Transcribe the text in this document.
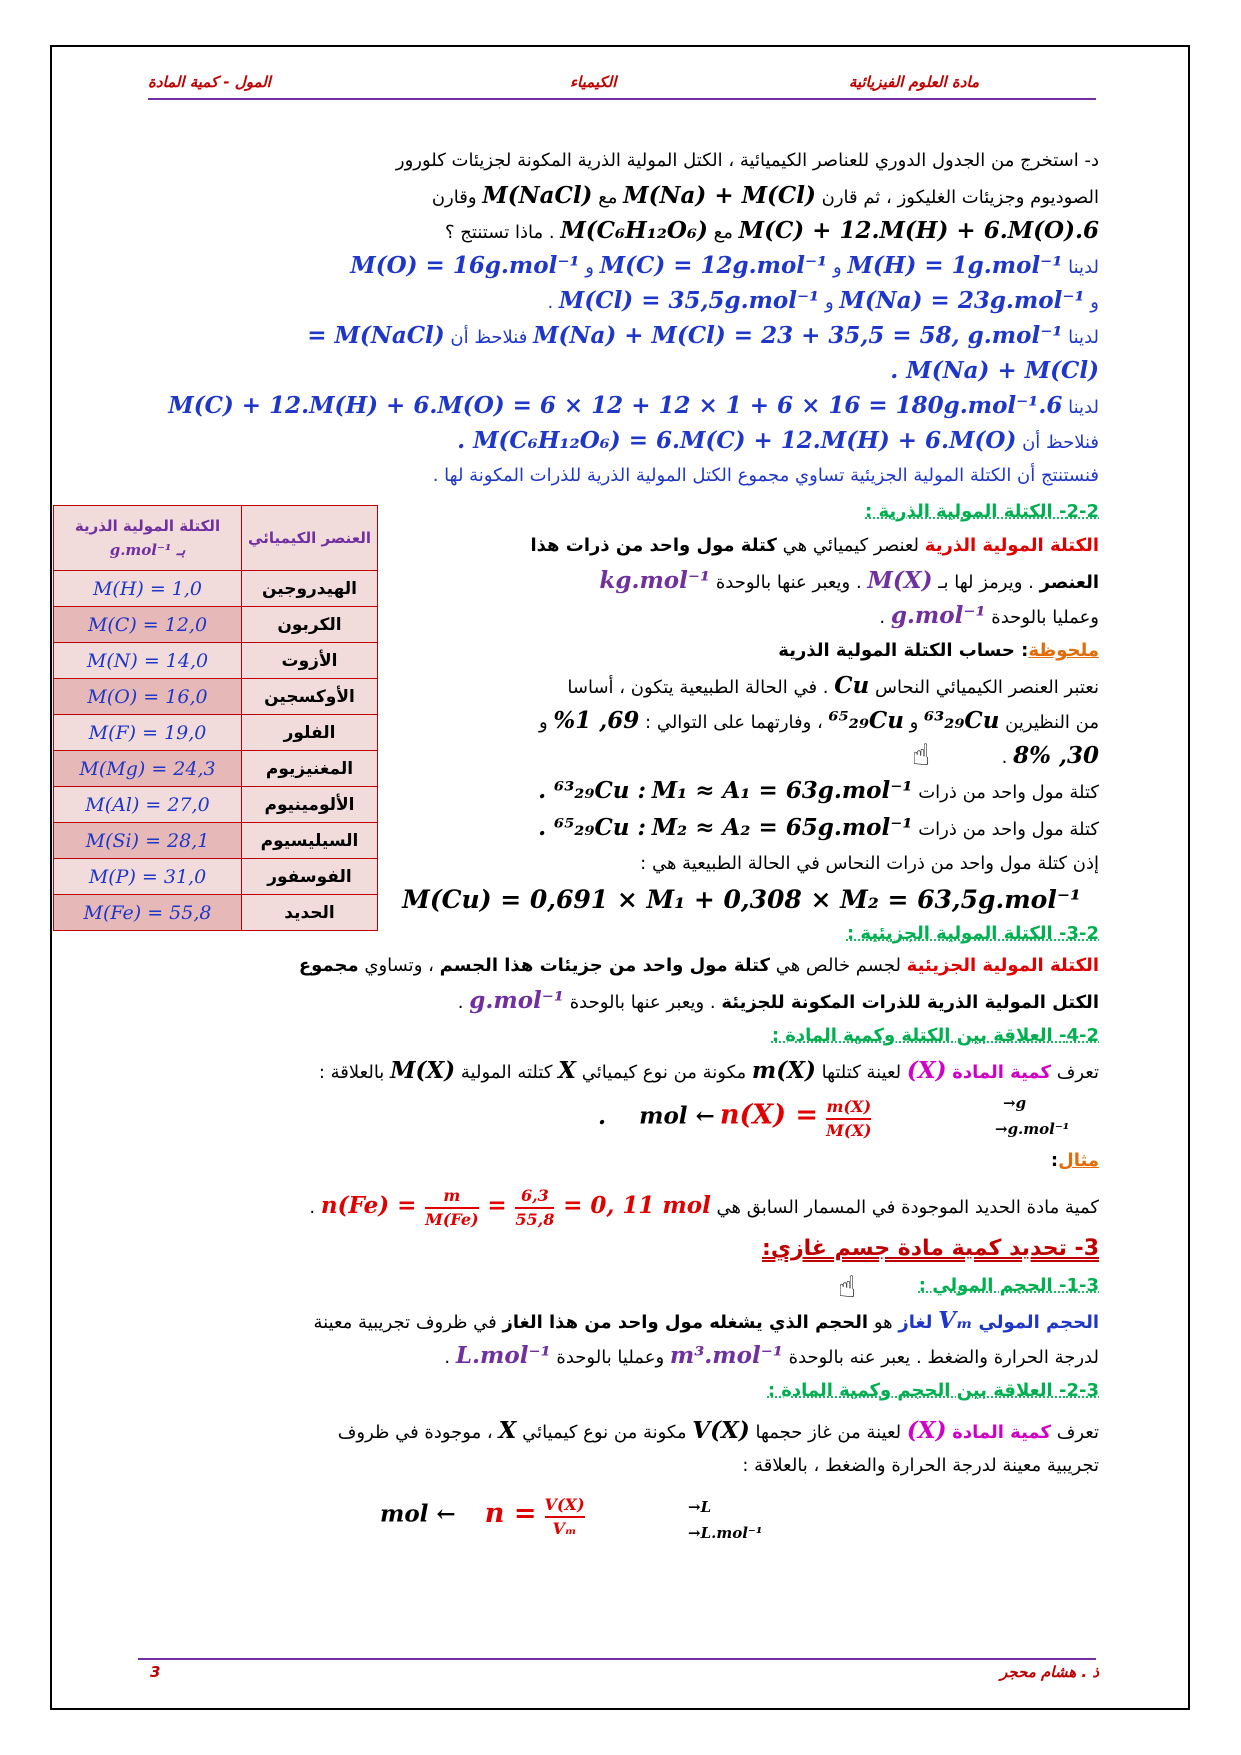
مادة العلوم الفيزيائية
الكيمياء
المول - كمية المادة
د- استخرج من الجدول الدوري للعناصر الكيميائية ، الكتل المولية الذرية المكونة لجزيئات كلورور
الصوديوم وجزيئات الغليكوز ، ثم قارن M(Na) + M(Cl) مع M(NaCl) وقارن
6.M(C) + 12.M(H) + 6.M(O) مع M(C₆H₁₂O₆) . ماذا تستنتج ؟
لدينا M(H) = 1g.mol⁻¹ و M(C) = 12g.mol⁻¹ و M(O) = 16g.mol⁻¹
و M(Na) = 23g.mol⁻¹ و M(Cl) = 35,5g.mol⁻¹ .
لدينا M(Na) + M(Cl) = 23 + 35,5 = 58, g.mol⁻¹ فنلاحظ أن M(NaCl) =
M(Na) + M(Cl) .
لدينا 6.M(C) + 12.M(H) + 6.M(O) = 6 × 12 + 12 × 1 + 6 × 16 = 180g.mol⁻¹
فنلاحظ أن M(C₆H₁₂O₆) = 6.M(C) + 12.M(H) + 6.M(O) .
فنستنتج أن الكتلة المولية الجزيئية تساوي مجموع الكتل المولية الذرية للذرات المكونة لها .
العنصر الكيميائي	الكتلة المولية الذرية
بـ g.mol⁻¹
الهيدروجين	M(H) = 1,0
الكربون	M(C) = 12,0
الأزوت	M(N) = 14,0
الأوكسجين	M(O) = 16,0
الفلور	M(F) = 19,0
المغنيزيوم	M(Mg) = 24,3
الألومينيوم	M(Al) = 27,0
السيليسيوم	M(Si) = 28,1
الفوسفور	M(P) = 31,0
الحديد	M(Fe) = 55,8
2-2- الكتلة المولية الذرية :
الكتلة المولية الذرية لعنصر كيميائي هي كتلة مول واحد من ذرات هذا
العنصر . ويرمز لها بـ M(X) . ويعبر عنها بالوحدة kg.mol⁻¹
وعمليا بالوحدة g.mol⁻¹ .
ملحوظة: حساب الكتلة المولية الذرية
نعتبر العنصر الكيميائي النحاس Cu . في الحالة الطبيعية يتكون ، أساسا
من النظيرين ⁶³₂₉Cu و ⁶⁵₂₉Cu ، وفارتهما على التوالي : 69, 1% و
30, 8% .
☝
كتلة مول واحد من ذرات ⁶³₂₉Cu : M₁ ≈ A₁ = 63g.mol⁻¹ .
كتلة مول واحد من ذرات ⁶⁵₂₉Cu : M₂ ≈ A₂ = 65g.mol⁻¹ .
إذن كتلة مول واحد من ذرات النحاس في الحالة الطبيعية هي :
M(Cu) = 0,691 × M₁ + 0,308 × M₂ = 63,5g.mol⁻¹
3-2- الكتلة المولية الجزيئية :
الكتلة المولية الجزيئية لجسم خالص هي كتلة مول واحد من جزيئات هذا الجسم ، وتساوي مجموع
الكتل المولية الذرية للذرات المكونة للجزيئة . ويعبر عنها بالوحدة g.mol⁻¹ .
4-2- العلاقة بين الكتلة وكمية المادة :
تعرف كمية المادة (X) لعينة كتلتها m(X) مكونة من نوع كيميائي X كتلته المولية M(X) بالعلاقة :
. mol ← $n(X) = \frac{m(X)}{M(X)}$	→g
→g.mol⁻¹
مثال:
كمية مادة الحديد الموجودة في المسمار السابق هي $n(Fe) = \frac{m}{M(Fe)} = \frac{6,3}{55,8} = 0$, 11 mol .
3- تحديد كمية مادة جسم غازي:
☝	1-3- الحجم المولي :
الحجم المولي Vₘ لغاز هو الحجم الذي يشغله مول واحد من هذا الغاز في ظروف تجريبية معينة
لدرجة الحرارة والضغط . يعبر عنه بالوحدة m³.mol⁻¹ وعمليا بالوحدة L.mol⁻¹ .
2-3- العلاقة بين الحجم وكمية المادة :
تعرف كمية المادة (X) لعينة من غاز حجمها V(X) مكونة من نوع كيميائي X ، موجودة في ظروف
تجريبية معينة لدرجة الحرارة والضغط ، بالعلاقة :
mol ← $n = \frac{V(X)}{\text{Vₘ}}$	→L
→L.mol⁻¹
ذ . هشام محجر
3
